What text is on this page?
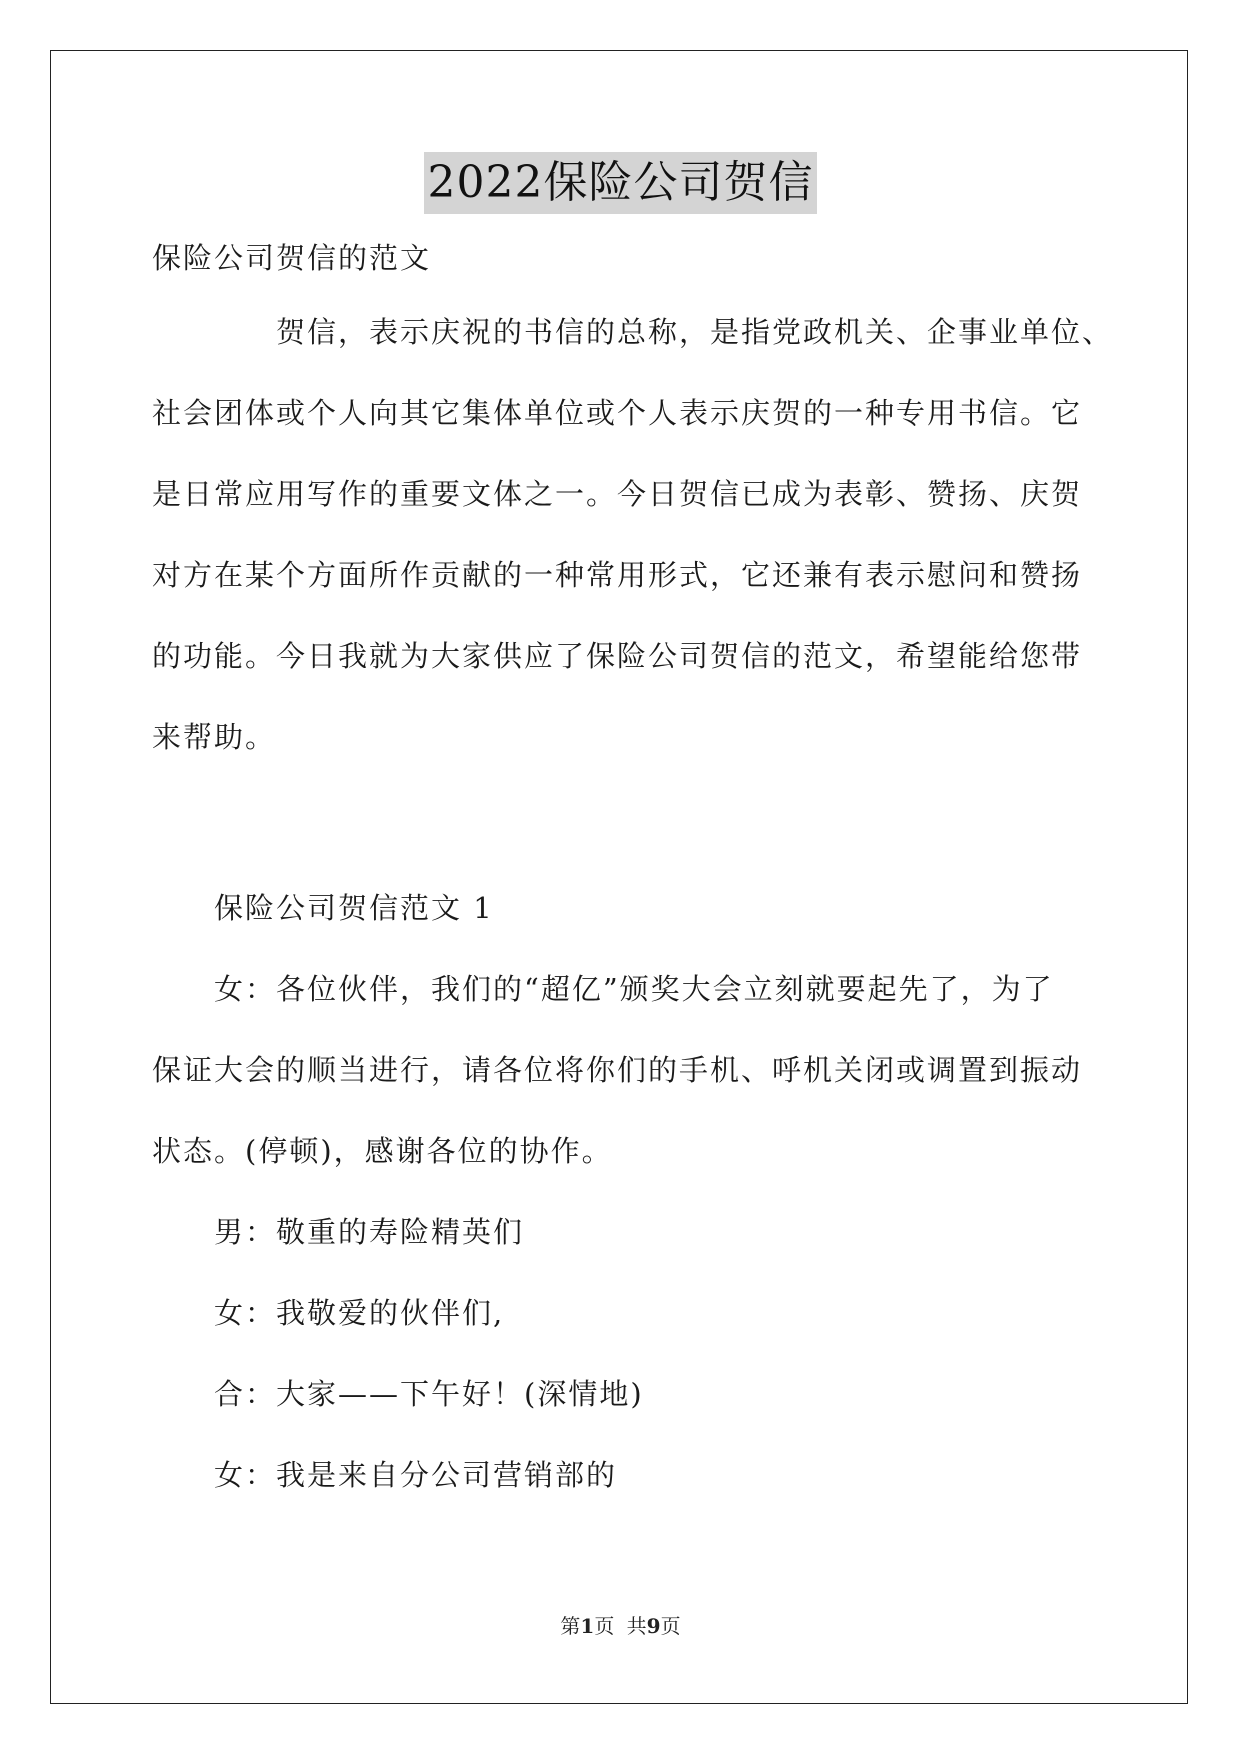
2022保险公司贺信

保险公司贺信的范文

贺信，表示庆祝的书信的总称，是指党政机关、企事业单位、

社会团体或个人向其它集体单位或个人表示庆贺的一种专用书信。它

是日常应用写作的重要文体之一。今日贺信已成为表彰、赞扬、庆贺

对方在某个方面所作贡献的一种常用形式，它还兼有表示慰问和赞扬

的功能。今日我就为大家供应了保险公司贺信的范文，希望能给您带

来帮助。

保险公司贺信范文 1

女：各位伙伴，我们的“超亿”颁奖大会立刻就要起先了，为了

保证大会的顺当进行，请各位将你们的手机、呼机关闭或调置到振动

状态。(停顿)，感谢各位的协作。

男：敬重的寿险精英们

女：我敬爱的伙伴们,

合：大家——下午好！(深情地)

女：我是来自分公司营销部的

第1页 共9页
